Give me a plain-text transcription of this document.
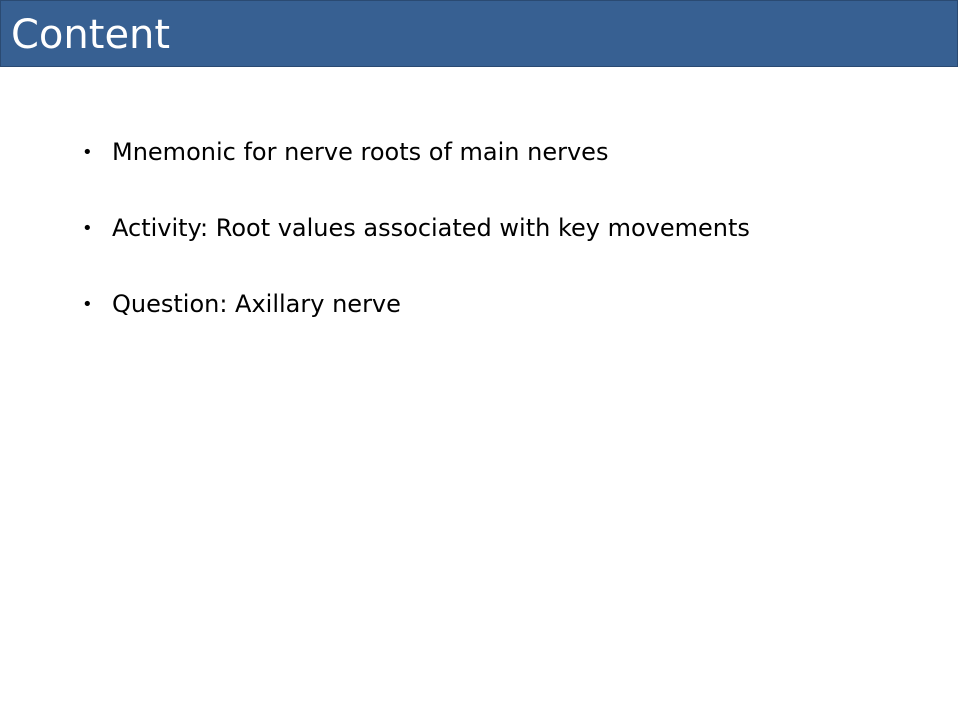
Content
• Mnemonic for nerve roots of main nerves
• Activity: Root values associated with key movements
• Question: Axillary nerve
